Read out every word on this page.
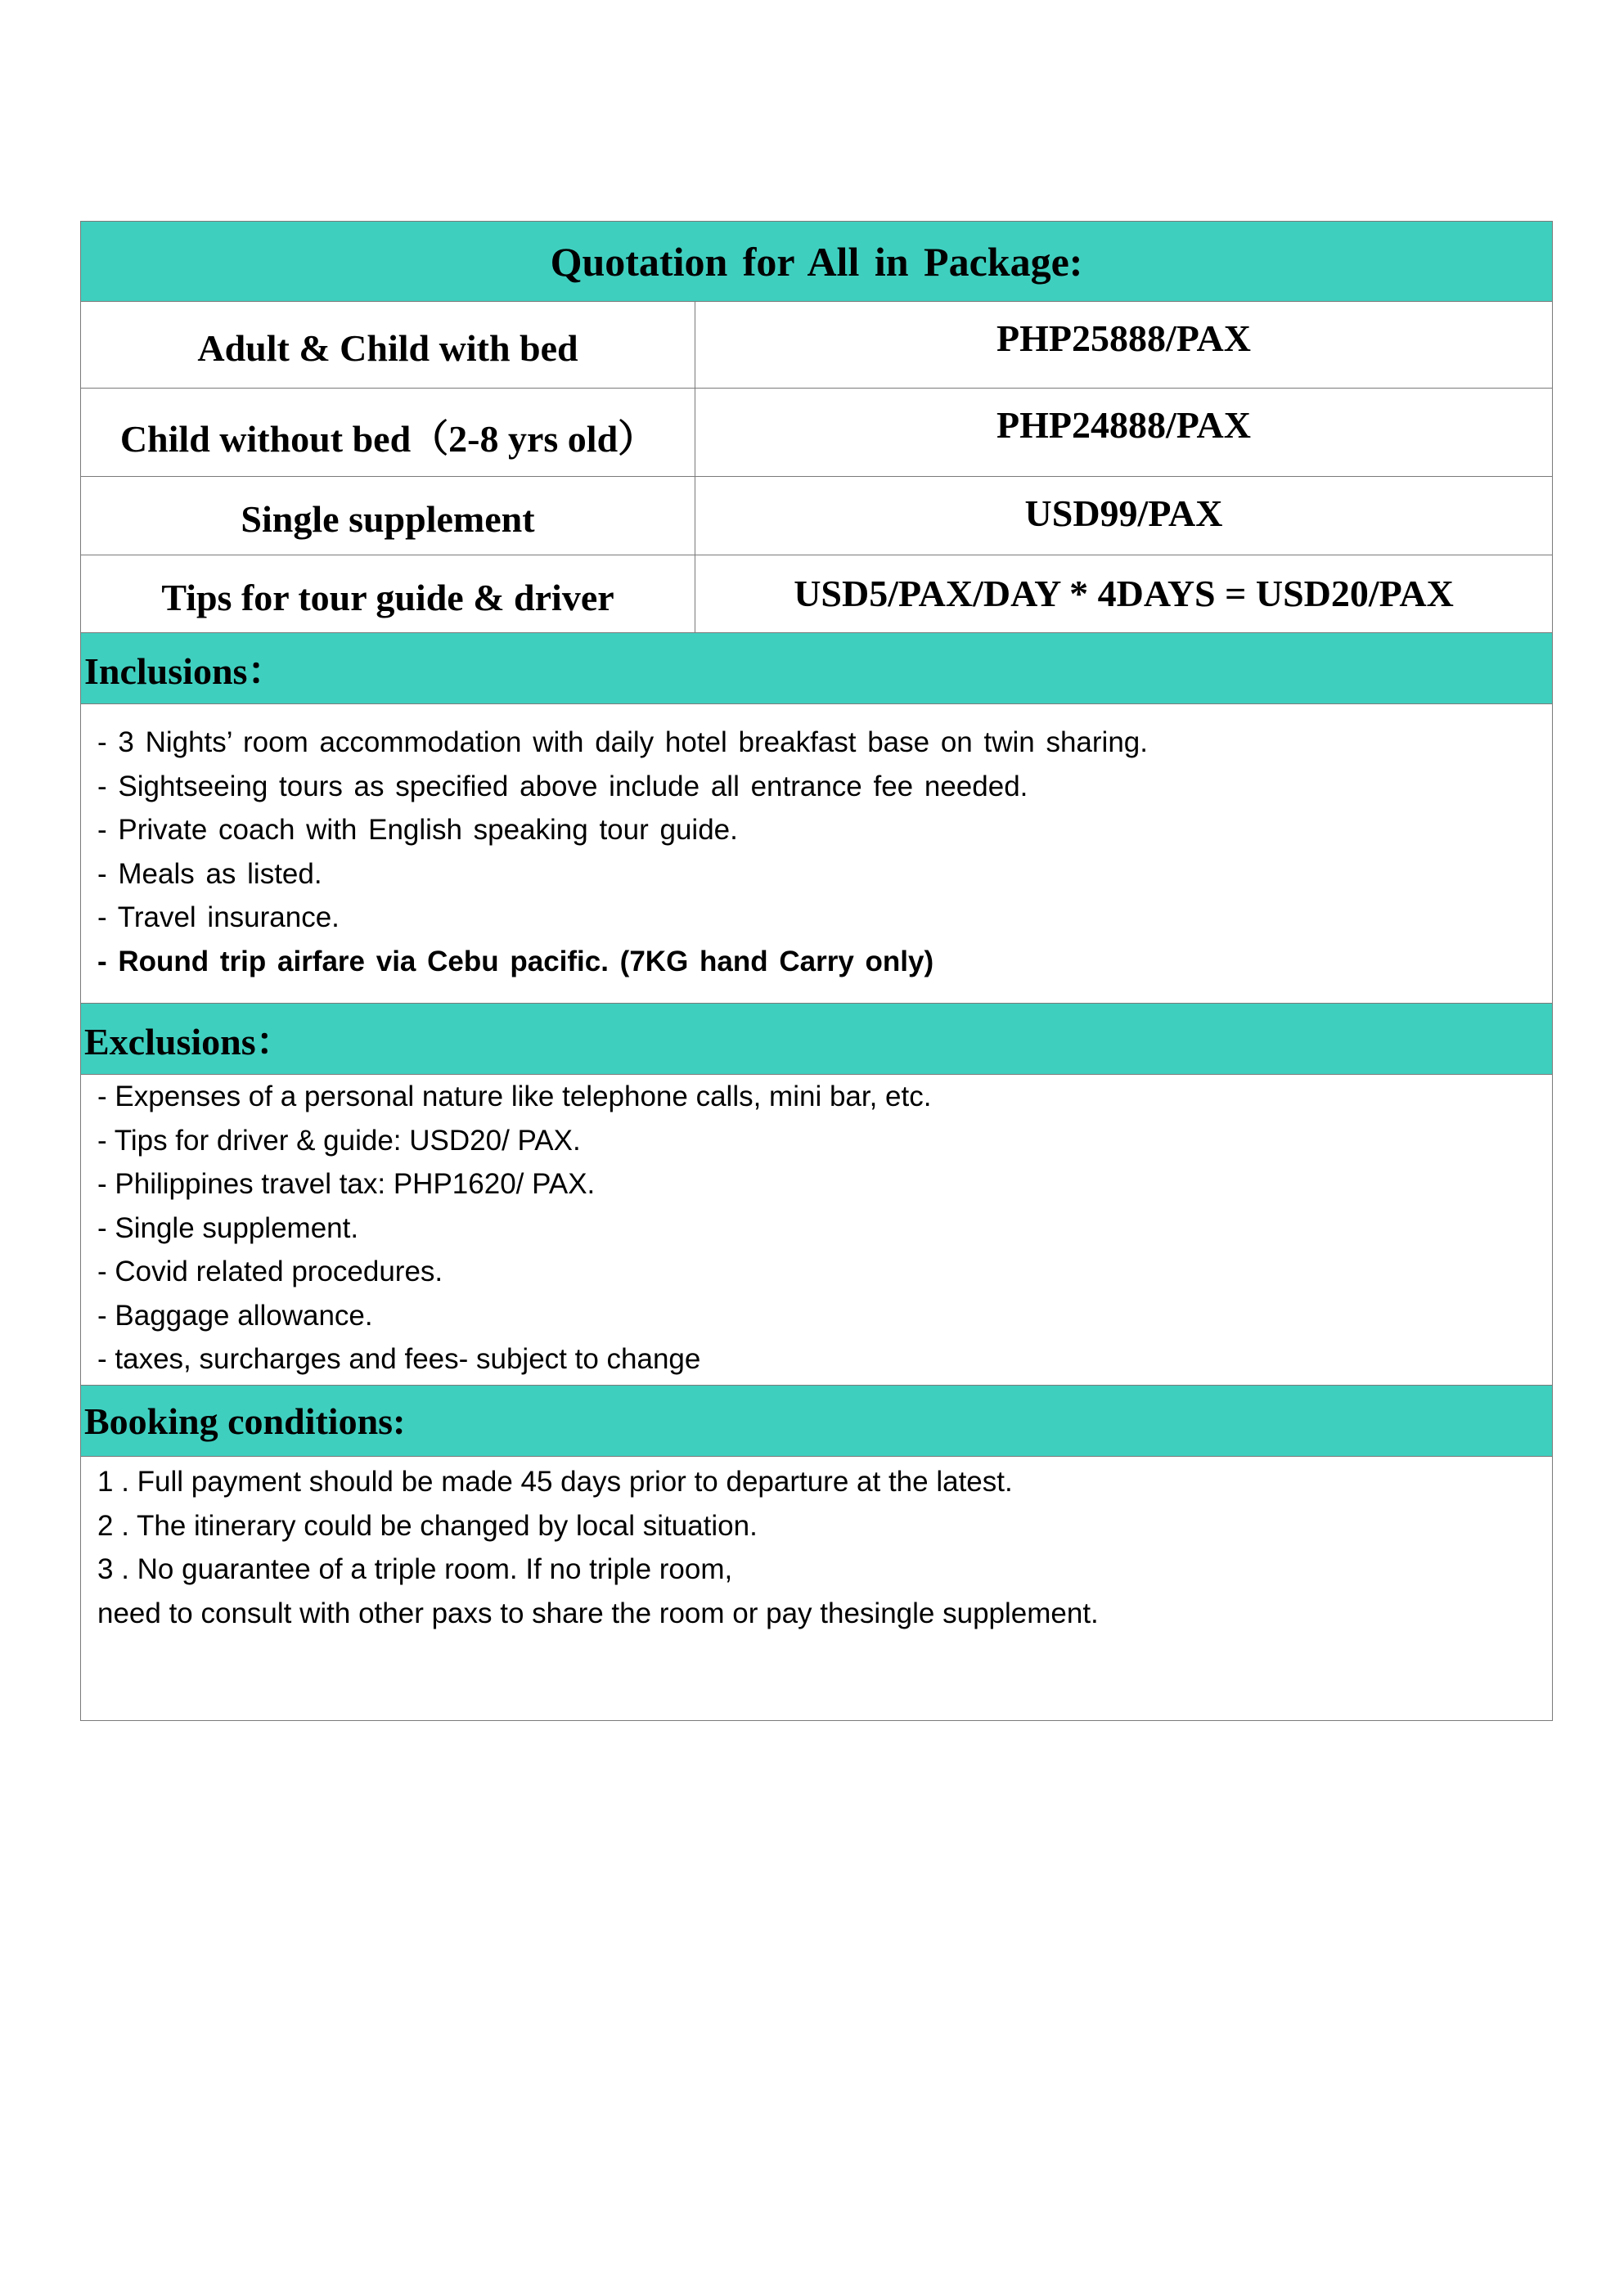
Quotation for All in Package:
Adult & Child with bed	PHP25888/PAX
Child without bed（2-8 yrs old）	PHP24888/PAX
Single supplement	USD99/PAX
Tips for tour guide & driver	USD5/PAX/DAY * 4DAYS = USD20/PAX
Inclusions：
- 3 Nights’ room accommodation with daily hotel breakfast base on twin sharing.
- Sightseeing tours as specified above include all entrance fee needed.
- Private coach with English speaking tour guide.
- Meals as listed.
- Travel insurance.
- Round trip airfare via Cebu pacific. (7KG hand Carry only)
Exclusions：
- Expenses of a personal nature like telephone calls, mini bar, etc.
- Tips for driver & guide: USD20/ PAX.
- Philippines travel tax: PHP1620/ PAX.
- Single supplement.
- Covid related procedures.
- Baggage allowance.
- taxes, surcharges and fees- subject to change
Booking conditions:
1 . Full payment should be made 45 days prior to departure at the latest.
2 . The itinerary could be changed by local situation.
3 . No guarantee of a triple room. If no triple room,
need to consult with other paxs to share the room or pay thesingle supplement.
